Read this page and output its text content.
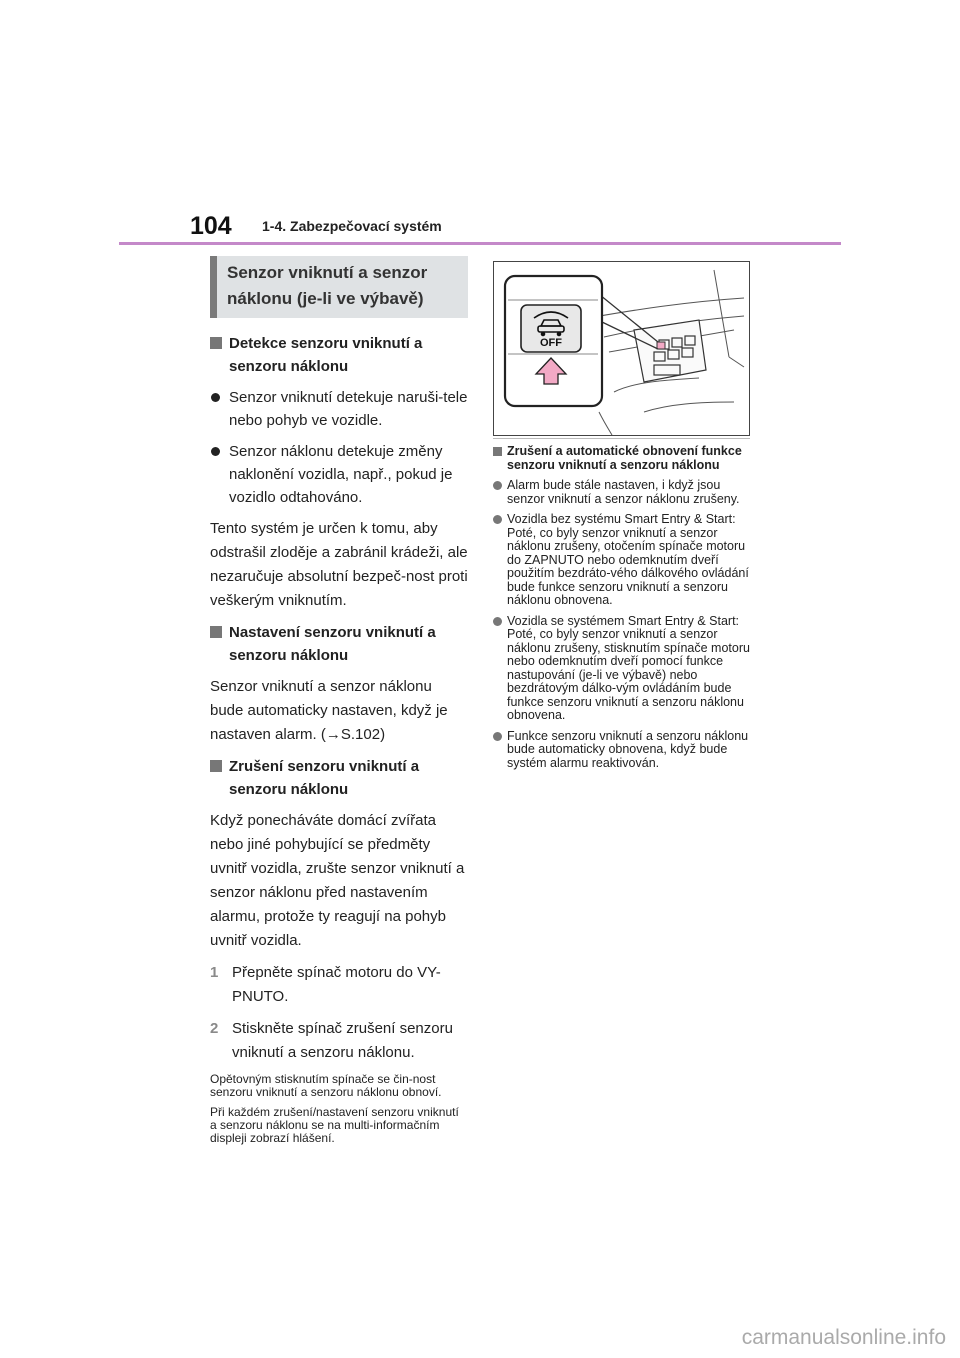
104 1-4. Zabezpečovací systém
Senzor vniknutí a senzor náklonu (je-li ve výbavě)
Detekce senzoru vniknutí a senzoru náklonu
Senzor vniknutí detekuje naruši-tele nebo pohyb ve vozidle.
Senzor náklonu detekuje změny naklonění vozidla, např., pokud je vozidlo odtahováno.

Tento systém je určen k tomu, aby odstrašil zloděje a zabránil krádeži, ale nezaručuje absolutní bezpeč-nost proti veškerým vniknutím.

Nastavení senzoru vniknutí a senzoru náklonu

Senzor vniknutí a senzor náklonu bude automaticky nastaven, když je nastaven alarm. (→S.102)

Zrušení senzoru vniknutí a senzoru náklonu

Když ponecháváte domácí zvířata nebo jiné pohybující se předměty uvnitř vozidla, zrušte senzor vniknutí a senzor náklonu před nastavením alarmu, protože ty reagují na pohyb uvnitř vozidla.

1 Přepněte spínač motoru do VY-PNUTO.
2 Stiskněte spínač zrušení senzoru vniknutí a senzoru náklonu.

Opětovným stisknutím spínače se čin-nost senzoru vniknutí a senzoru náklonu obnoví.

Při každém zrušení/nastavení senzoru vniknutí a senzoru náklonu se na multi-informačním displeji zobrazí hlášení.

OFF
Zrušení a automatické obnovení funkce senzoru vniknutí a senzoru náklonu
Alarm bude stále nastaven, i když jsou senzor vniknutí a senzor náklonu zrušeny.
Vozidla bez systému Smart Entry & Start: Poté, co byly senzor vniknutí a senzor náklonu zrušeny, otočením spínače motoru do ZAPNUTO nebo odemknutím dveří použitím bezdráto-vého dálkového ovládání bude funkce senzoru vniknutí a senzoru náklonu obnovena.
Vozidla se systémem Smart Entry & Start: Poté, co byly senzor vniknutí a senzor náklonu zrušeny, stisknutím spínače motoru nebo odemknutím dveří pomocí funkce nastupování (je-li ve výbavě) nebo bezdrátovým dálko-vým ovládáním bude funkce senzoru vniknutí a senzoru náklonu obnovena.
Funkce senzoru vniknutí a senzoru náklonu bude automaticky obnovena, když bude systém alarmu reaktivován.
carmanualsonline.info
